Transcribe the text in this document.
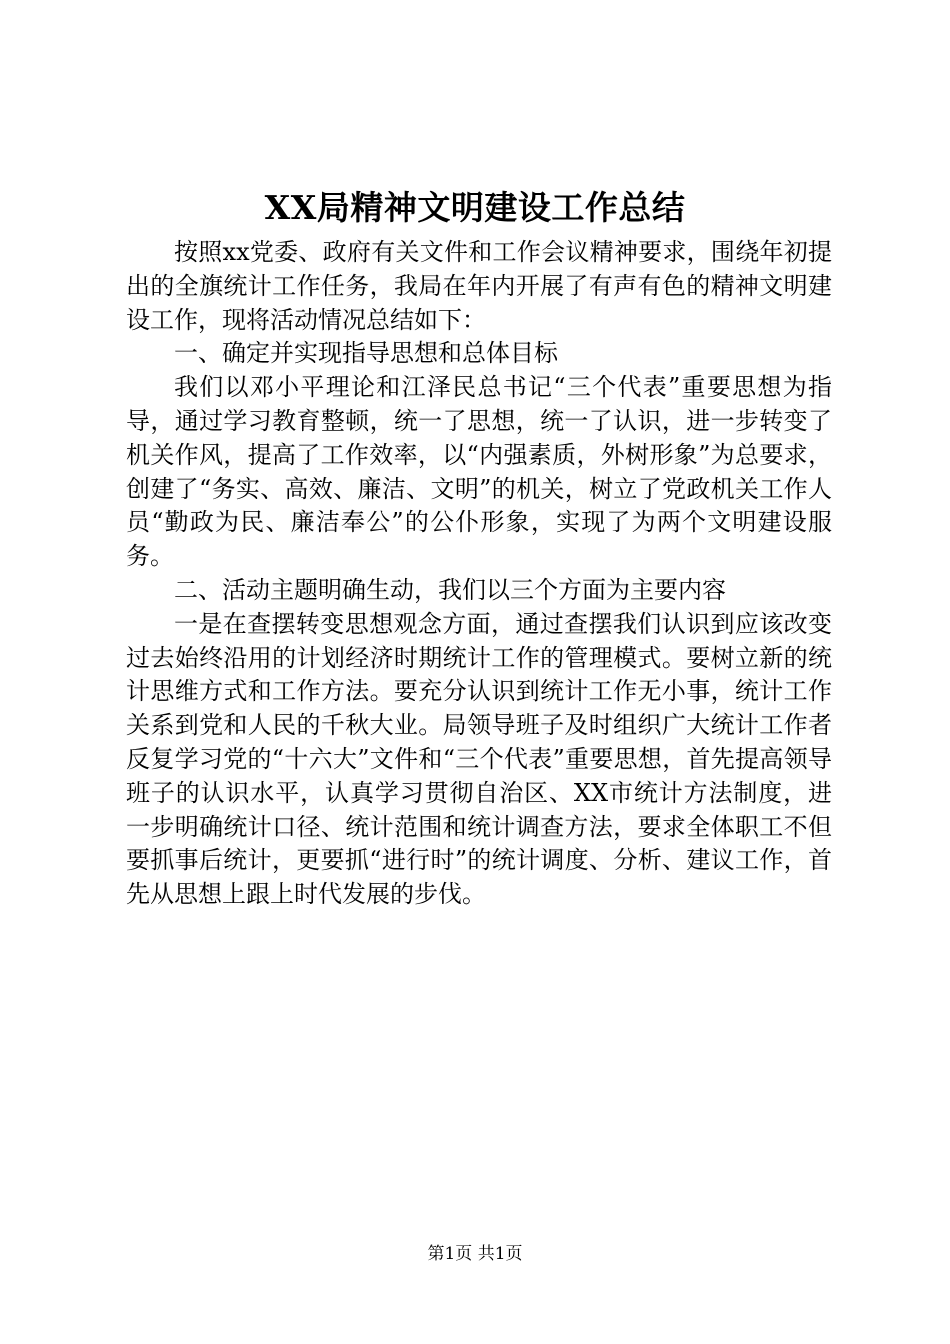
XX局精神文明建设工作总结

按照xx党委、政府有关文件和工作会议精神要求，围绕年初提出的全旗统计工作任务，我局在年内开展了有声有色的精神文明建设工作，现将活动情况总结如下：

一、确定并实现指导思想和总体目标

我们以邓小平理论和江泽民总书记“三个代表”重要思想为指导，通过学习教育整顿，统一了思想，统一了认识，进一步转变了机关作风，提高了工作效率，以“内强素质，外树形象”为总要求，创建了“务实、高效、廉洁、文明”的机关，树立了党政机关工作人员“勤政为民、廉洁奉公”的公仆形象，实现了为两个文明建设服务。

二、活动主题明确生动，我们以三个方面为主要内容

一是在查摆转变思想观念方面，通过查摆我们认识到应该改变过去始终沿用的计划经济时期统计工作的管理模式。要树立新的统计思维方式和工作方法。要充分认识到统计工作无小事，统计工作关系到党和人民的千秋大业。局领导班子及时组织广大统计工作者反复学习党的“十六大”文件和“三个代表”重要思想，首先提高领导班子的认识水平，认真学习贯彻自治区、XX市统计方法制度，进一步明确统计口径、统计范围和统计调查方法，要求全体职工不但要抓事后统计，更要抓“进行时”的统计调度、分析、建议工作，首先从思想上跟上时代发展的步伐。

第1页 共1页
